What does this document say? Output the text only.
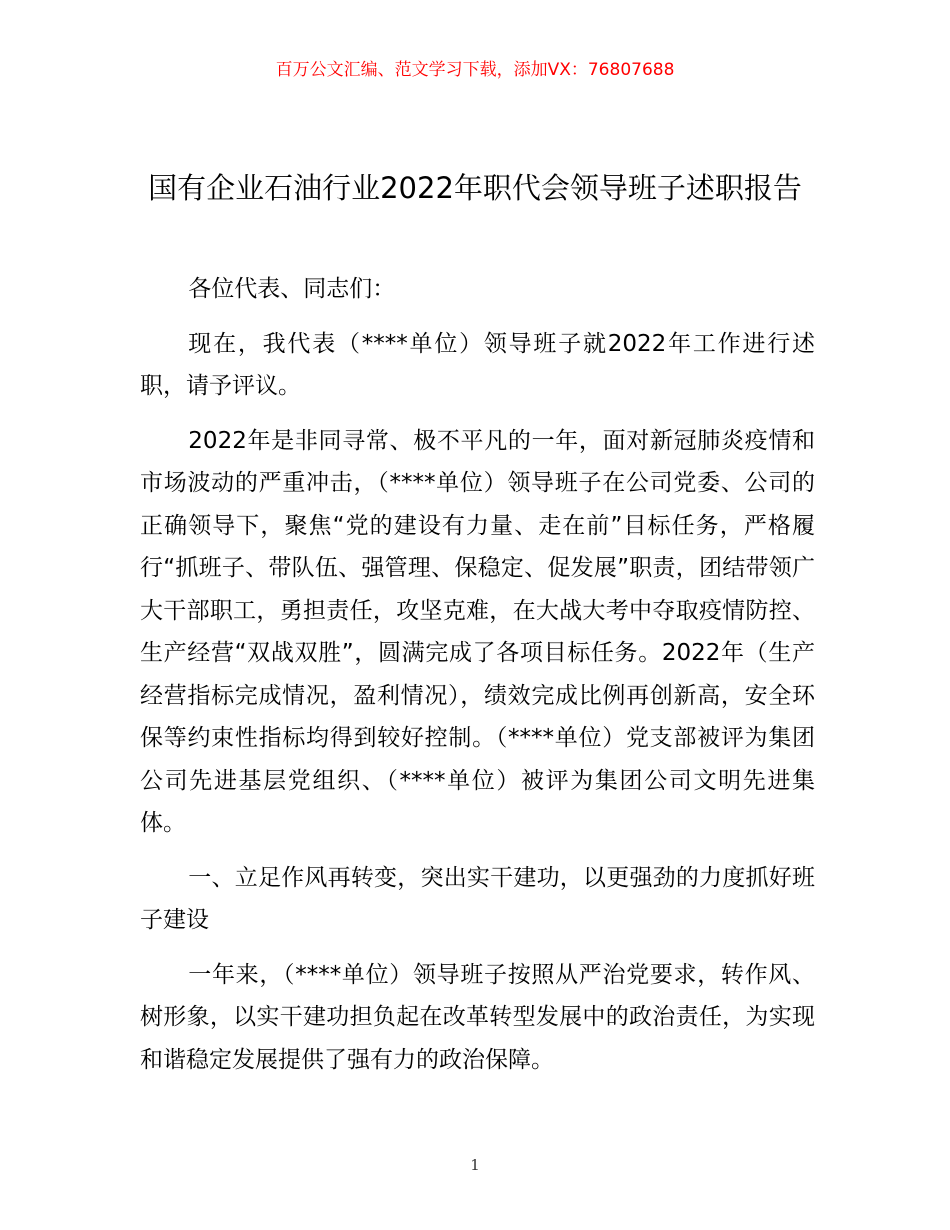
百万公文汇编、范文学习下载，添加VX：76807688
国有企业石油行业2022年职代会领导班子述职报告

各位代表、同志们：

现在，我代表（****单位）领导班子就2022年工作进行述职，请予评议。

2022年是非同寻常、极不平凡的一年，面对新冠肺炎疫情和市场波动的严重冲击，（****单位）领导班子在公司党委、公司的正确领导下，聚焦“党的建设有力量、走在前”目标任务，严格履行“抓班子、带队伍、强管理、保稳定、促发展”职责，团结带领广大干部职工，勇担责任，攻坚克难，在大战大考中夺取疫情防控、生产经营“双战双胜”，圆满完成了各项目标任务。2022年（生产经营指标完成情况，盈利情况），绩效完成比例再创新高，安全环保等约束性指标均得到较好控制。（****单位）党支部被评为集团公司先进基层党组织、（****单位）被评为集团公司文明先进集体。

一、立足作风再转变，突出实干建功，以更强劲的力度抓好班子建设

一年来，（****单位）领导班子按照从严治党要求，转作风、树形象，以实干建功担负起在改革转型发展中的政治责任，为实现和谐稳定发展提供了强有力的政治保障。

1
